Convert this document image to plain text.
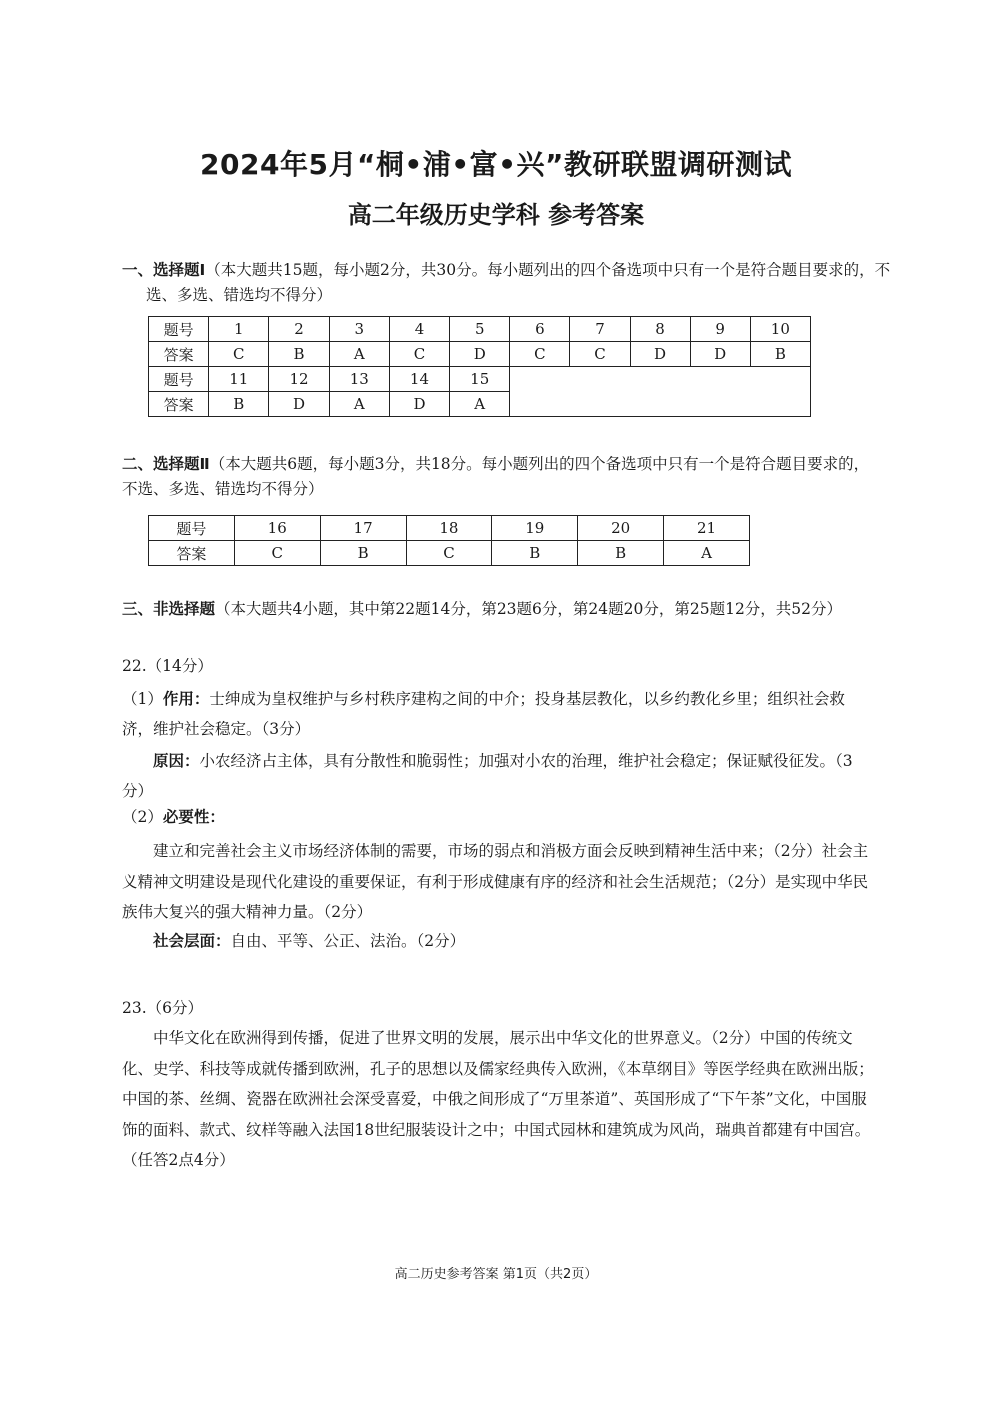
2024年5月“桐•浦•富•兴”教研联盟调研测试
高二年级历史学科 参考答案
一、选择题Ⅰ（本大题共15题，每小题2分，共30分。每小题列出的四个备选项中只有一个是符合题目要求的，不选、多选、错选均不得分）
题号	1	2	3	4	5	6	7	8	9	10
答案	C	B	A	C	D	C	C	D	D	B
题号	11	12	13	14	15					
答案	B	D	A	D	A					
二、选择题Ⅱ（本大题共6题，每小题3分，共18分。每小题列出的四个备选项中只有一个是符合题目要求的，不选、多选、错选均不得分）
题号	16	17	18	19	20	21
答案	C	B	C	B	B	A
三、非选择题（本大题共4小题，其中第22题14分，第23题6分，第24题20分，第25题12分，共52分）
22.（14分）
（1）作用：士绅成为皇权维护与乡村秩序建构之间的中介；投身基层教化，以乡约教化乡里；组织社会救济，维护社会稳定。（3分）
原因：小农经济占主体，具有分散性和脆弱性；加强对小农的治理，维护社会稳定；保证赋役征发。（3分）
（2）必要性：
建立和完善社会主义市场经济体制的需要，市场的弱点和消极方面会反映到精神生活中来；（2分）社会主义精神文明建设是现代化建设的重要保证，有利于形成健康有序的经济和社会生活规范；（2分）是实现中华民族伟大复兴的强大精神力量。（2分）
社会层面：自由、平等、公正、法治。（2分）
23.（6分）
中华文化在欧洲得到传播，促进了世界文明的发展，展示出中华文化的世界意义。（2分）中国的传统文化、史学、科技等成就传播到欧洲，孔子的思想以及儒家经典传入欧洲，《本草纲目》等医学经典在欧洲出版；中国的茶、丝绸、瓷器在欧洲社会深受喜爱，中俄之间形成了“万里茶道”、英国形成了“下午茶”文化，中国服饰的面料、款式、纹样等融入法国18世纪服装设计之中；中国式园林和建筑成为风尚，瑞典首都建有中国宫。（任答2点4分）
高二历史参考答案 第1页（共2页）
